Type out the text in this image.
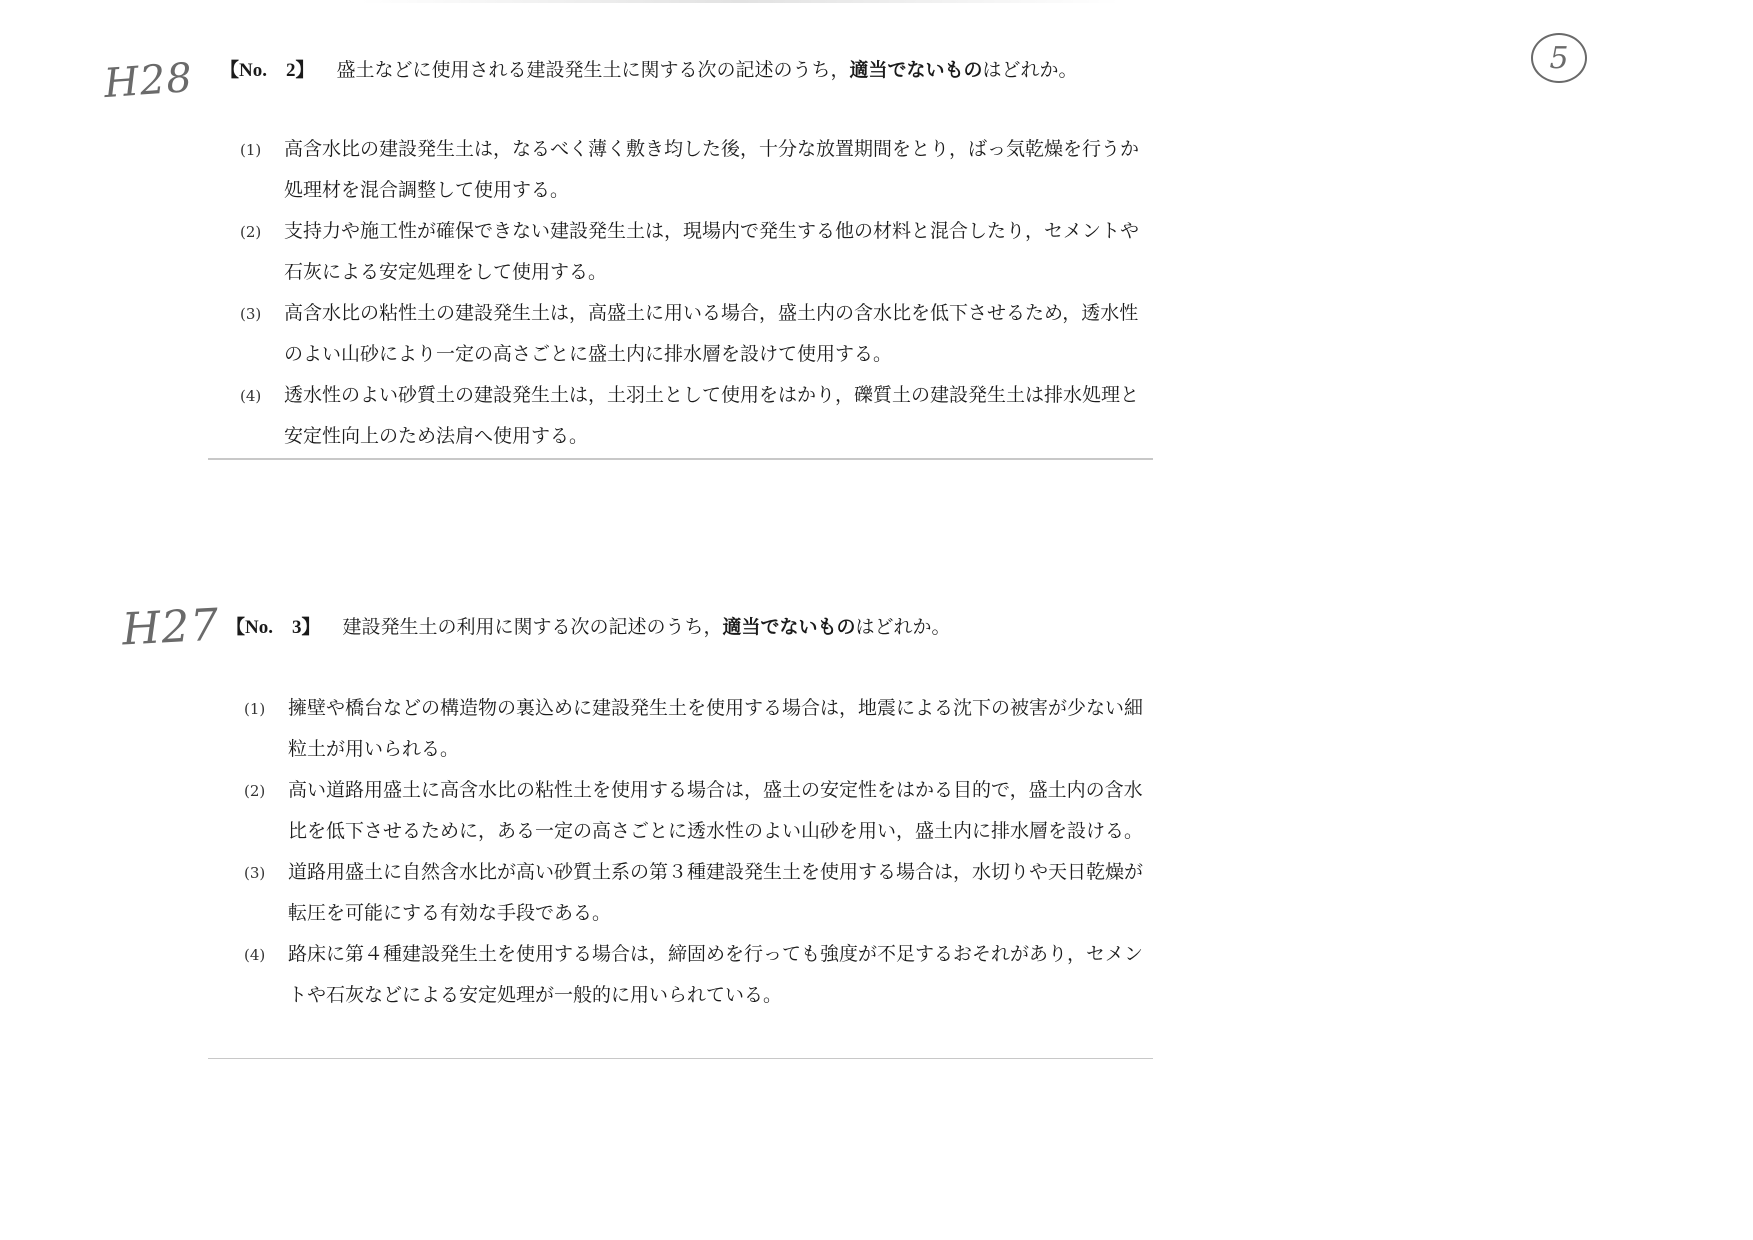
H28	5
【No.　2】 盛土などに使用される建設発生土に関する次の記述のうち，適当でないものはどれか。
(1)	高含水比の建設発生土は，なるべく薄く敷き均した後，十分な放置期間をとり，ばっ気乾燥を行うか処理材を混合調整して使用する。
(2)	支持力や施工性が確保できない建設発生土は，現場内で発生する他の材料と混合したり，セメントや石灰による安定処理をして使用する。
(3)	高含水比の粘性土の建設発生土は，高盛土に用いる場合，盛土内の含水比を低下させるため，透水性のよい山砂により一定の高さごとに盛土内に排水層を設けて使用する。
(4)	透水性のよい砂質土の建設発生土は，土羽土として使用をはかり，礫質土の建設発生土は排水処理と安定性向上のため法肩へ使用する。
H27 【No.　3】 建設発生土の利用に関する次の記述のうち，適当でないものはどれか。
(1)	擁壁や橋台などの構造物の裏込めに建設発生土を使用する場合は，地震による沈下の被害が少ない細粒土が用いられる。
(2)	高い道路用盛土に高含水比の粘性土を使用する場合は，盛土の安定性をはかる目的で，盛土内の含水比を低下させるために，ある一定の高さごとに透水性のよい山砂を用い，盛土内に排水層を設ける。
(3)	道路用盛土に自然含水比が高い砂質土系の第３種建設発生土を使用する場合は，水切りや天日乾燥が転圧を可能にする有効な手段である。
(4)	路床に第４種建設発生土を使用する場合は，締固めを行っても強度が不足するおそれがあり，セメントや石灰などによる安定処理が一般的に用いられている。
